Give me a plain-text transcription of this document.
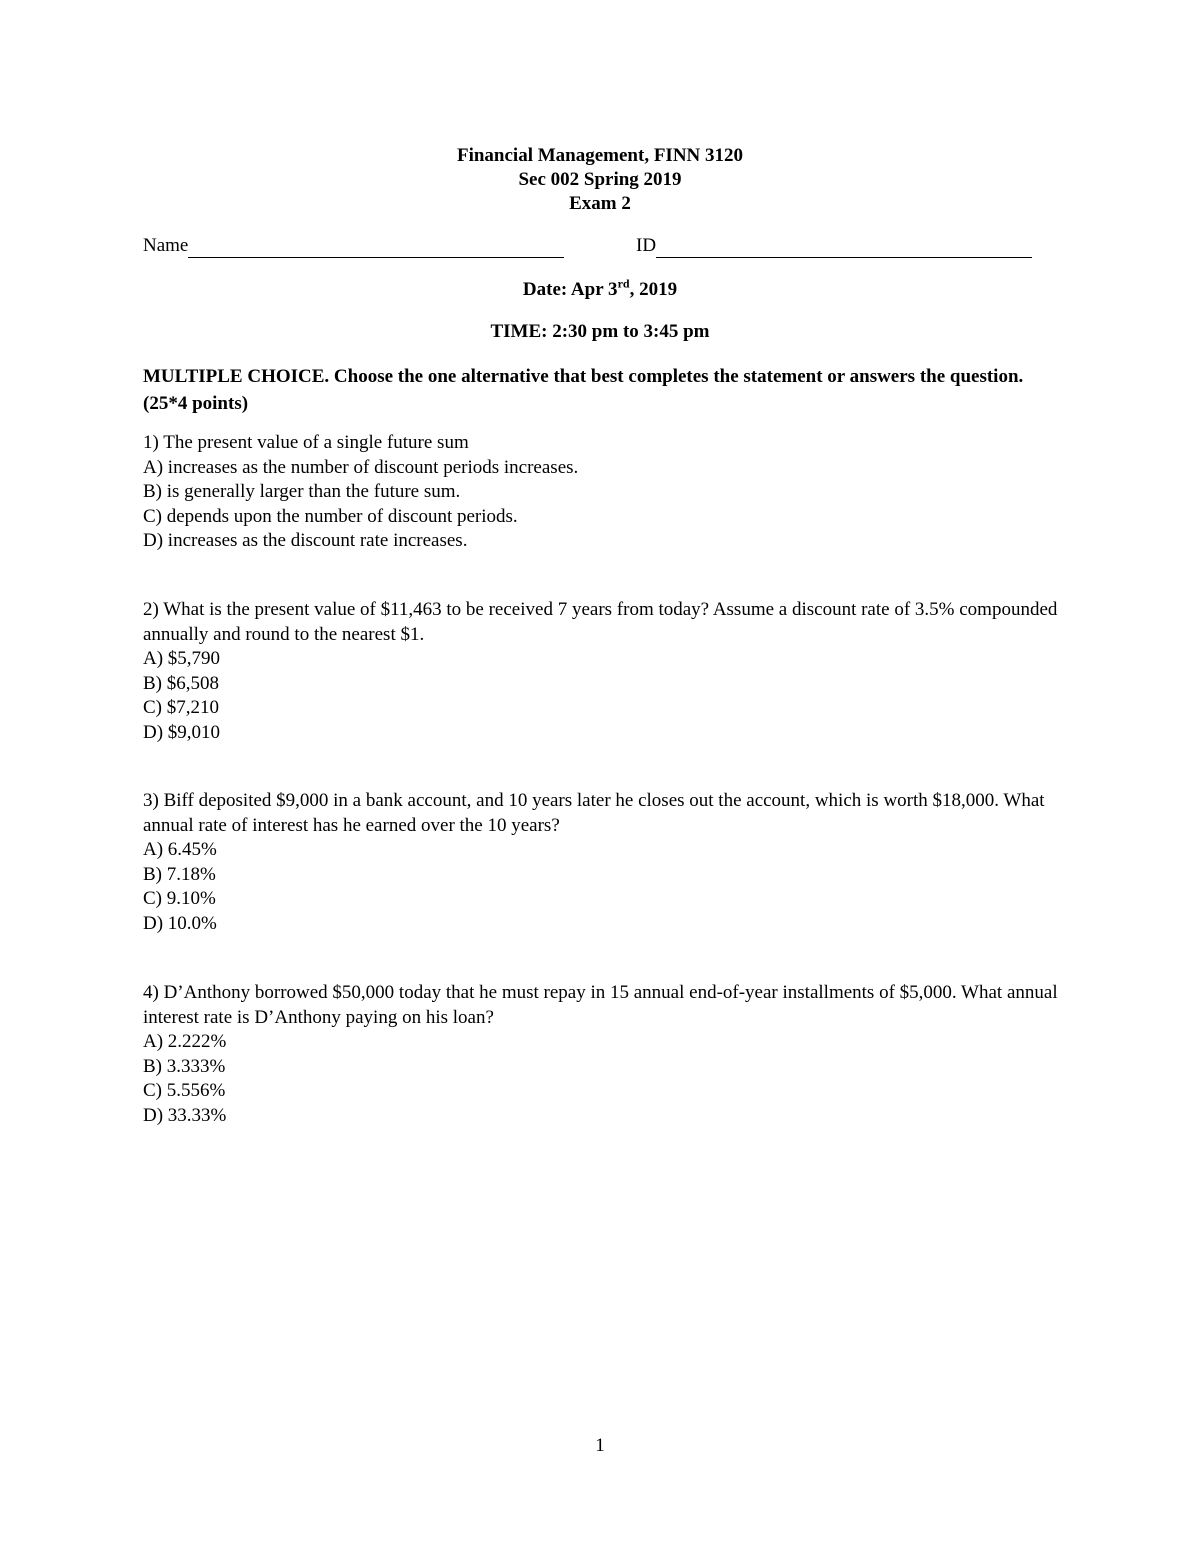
Financial Management, FINN 3120
Sec 002 Spring 2019
Exam 2
Name	ID
Date: Apr 3rd, 2019
TIME: 2:30 pm to 3:45 pm
MULTIPLE CHOICE. Choose the one alternative that best completes the statement or answers the question. (25*4 points)
1) The present value of a single future sum
A) increases as the number of discount periods increases.
B) is generally larger than the future sum.
C) depends upon the number of discount periods.
D) increases as the discount rate increases.
2) What is the present value of $11,463 to be received 7 years from today? Assume a discount rate of 3.5% compounded annually and round to the nearest $1.
A) $5,790
B) $6,508
C) $7,210
D) $9,010
3) Biff deposited $9,000 in a bank account, and 10 years later he closes out the account, which is worth $18,000. What annual rate of interest has he earned over the 10 years?
A) 6.45%
B) 7.18%
C) 9.10%
D) 10.0%
4) D’Anthony borrowed $50,000 today that he must repay in 15 annual end-of-year installments of $5,000. What annual interest rate is D’Anthony paying on his loan?
A) 2.222%
B) 3.333%
C) 5.556%
D) 33.33%
1
